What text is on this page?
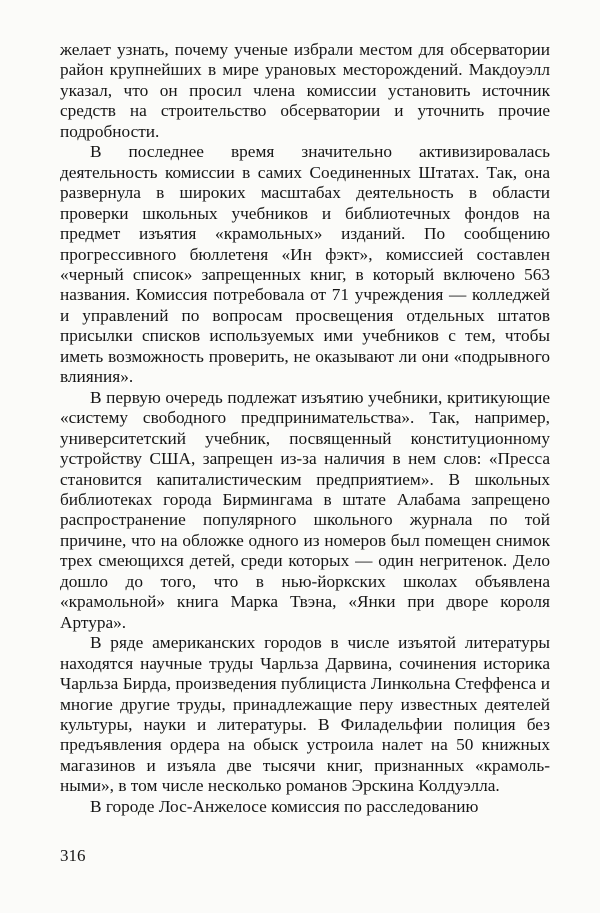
желает узнать, почему ученые избрали местом для обсерватории район крупнейших в мире урановых месторождений. Макдоуэлл указал, что он просил члена комиссии установить источник средств на строительство обсерватории и уточнить прочие подробности.

В последнее время значительно активизировалась деятельность комиссии в самих Соединенных Штатах. Так, она развернула в широких масштабах деятельность в области проверки школьных учебников и библиотечных фондов на предмет изъятия «крамольных» изданий. По сообщению прогрессивного бюллетеня «Ин фэкт», комиссией составлен «черный список» запрещенных книг, в который включено 563 названия. Комиссия потребовала от 71 учреждения — колледжей и управлений по вопросам просвещения отдельных штатов присылки списков используемых ими учебников с тем, чтобы иметь возможность проверить, не оказывают ли они «подрывного влияния».

В первую очередь подлежат изъятию учебники, критикующие «систему свободного предпринимательства». Так, например, университетский учебник, посвященный конституционному устройству США, запрещен из-за наличия в нем слов: «Пресса становится капиталистическим предприятием». В школьных библиотеках города Бирмингама в штате Алабама запрещено распространение популярного школьного журнала по той причине, что на обложке одного из номеров был помещен снимок трех смеющихся детей, среди которых — один негритенок. Дело дошло до того, что в нью-йоркских школах объявлена «крамольной» книга Марка Твэна, «Янки при дворе короля Артура».

В ряде американских городов в числе изъятой литературы находятся научные труды Чарльза Дарвина, сочинения историка Чарльза Бирда, произведения публициста Линкольна Стеффенса и многие другие труды, принадлежащие перу известных деятелей культуры, науки и литературы. В Филадельфии полиция без предъявления ордера на обыск устроила налет на 50 книжных магазинов и изъяла две тысячи книг, признанных «крамольными», в том числе несколько романов Эрскина Колдуэлла.

В городе Лос-Анжелосе комиссия по расследованию

316
